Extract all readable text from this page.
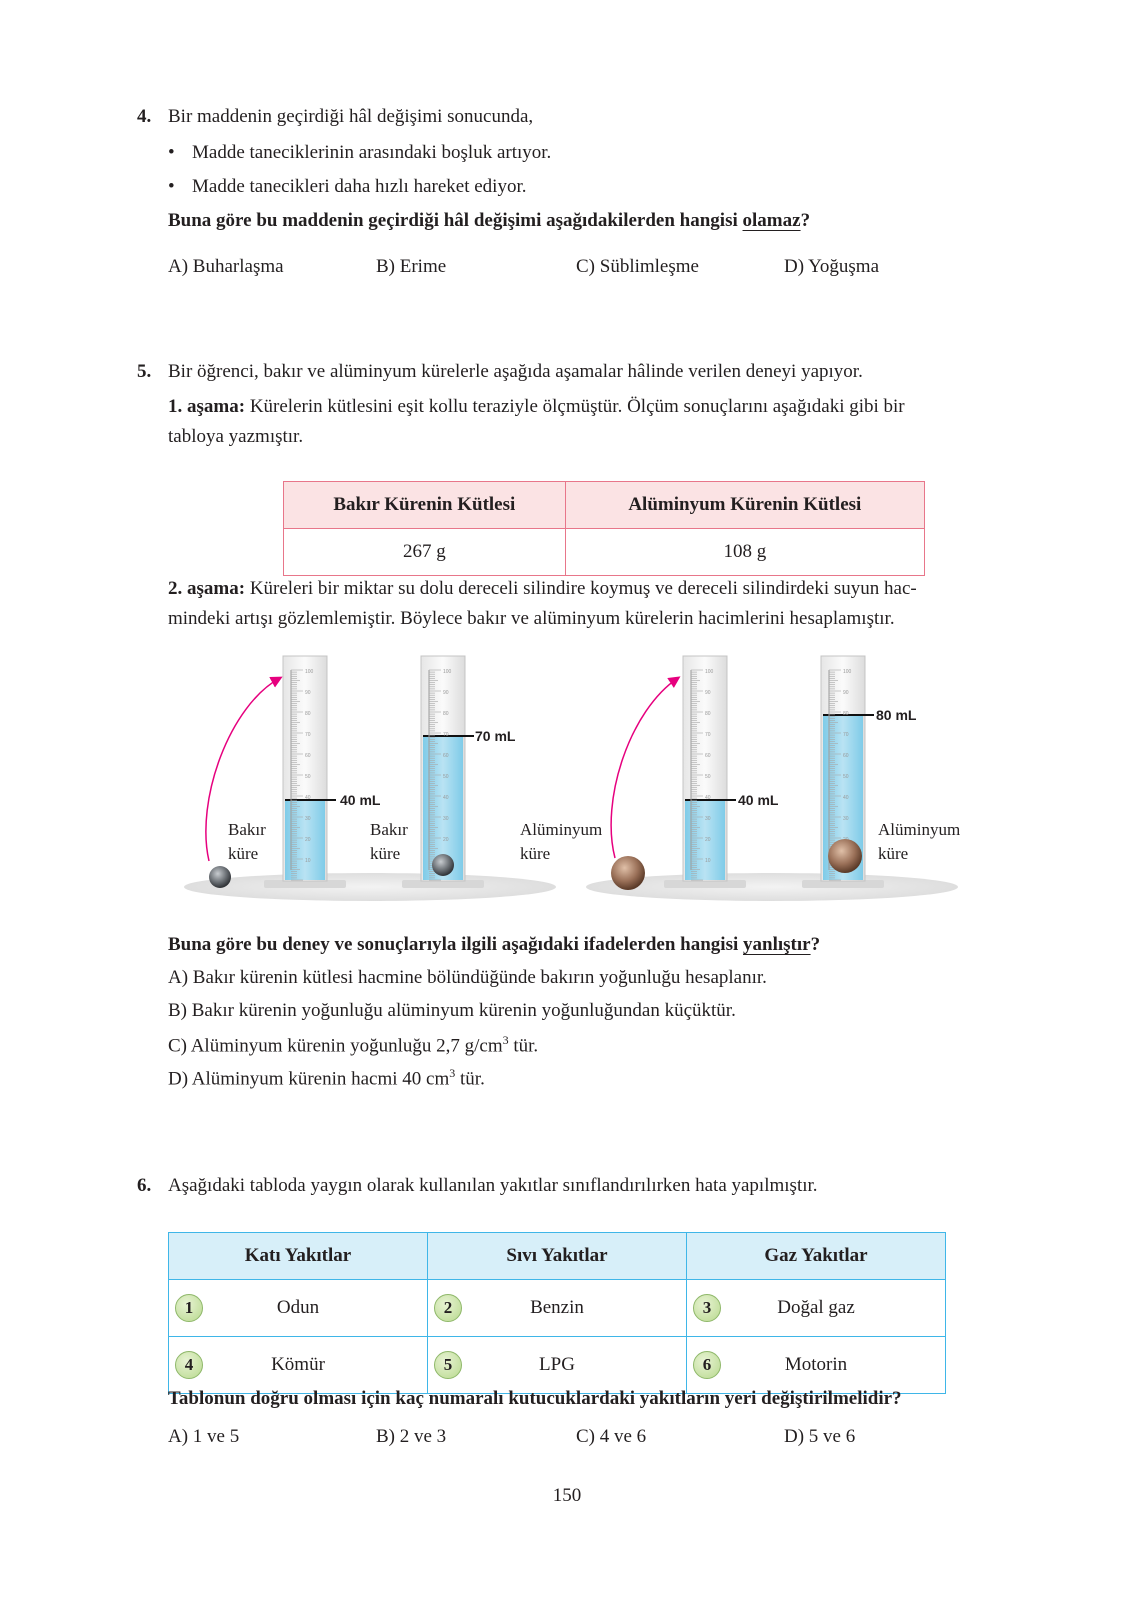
4. Bir maddenin geçirdiği hâl değişimi sonucunda,
• Madde taneciklerinin arasındaki boşluk artıyor.
• Madde tanecikleri daha hızlı hareket ediyor.
Buna göre bu maddenin geçirdiği hâl değişimi aşağıdakilerden hangisi olamaz?
A) Buharlaşma	B) Erime	C) Süblimleşme	D) Yoğuşma
5. Bir öğrenci, bakır ve alüminyum kürelerle aşağıda aşamalar hâlinde verilen deneyi yapıyor.
1. aşama: Kürelerin kütlesini eşit kollu teraziyle ölçmüştür. Ölçüm sonuçlarını aşağıdaki gibi bir
tabloya yazmıştır.
Bakır Kürenin Kütlesi	Alüminyum Kürenin Kütlesi
267 g	108 g
2. aşama: Küreleri bir miktar su dolu dereceli silindire koymuş ve dereceli silindirdeki suyun hac-
mindeki artışı gözlemlemiştir. Böylece bakır ve alüminyum kürelerin hacimlerini hesaplamıştır.
40 mL
70 mL
40 mL
80 mL
100
90
80
70
60
50
40
30
20
10
100
90
80
70
60
50
40
30
20
100
90
80
70
60
50
40
30
20
10
100
90
80
70
60
50
40
30
Bakır
küre
Bakır
küre
Alüminyum
küre
Alüminyum
küre
Buna göre bu deney ve sonuçlarıyla ilgili aşağıdaki ifadelerden hangisi yanlıştır?
A) Bakır kürenin kütlesi hacmine bölündüğünde bakırın yoğunluğu hesaplanır.
B) Bakır kürenin yoğunluğu alüminyum kürenin yoğunluğundan küçüktür.
C) Alüminyum kürenin yoğunluğu 2,7 $g/cm^3$ tür.
D) Alüminyum kürenin hacmi 40 $cm^3$ tür.
6. Aşağıdaki tabloda yaygın olarak kullanılan yakıtlar sınıflandırılırken hata yapılmıştır.
Katı Yakıtlar	Sıvı Yakıtlar	Gaz Yakıtlar

1 Odun	2 Benzin	3 Doğal gaz

4 Kömür	5 LPG	6 Motorin
Tablonun doğru olması için kaç numaralı kutucuklardaki yakıtların yeri değiştirilmelidir?
A) 1 ve 5	B) 2 ve 3	C) 4 ve 6	D) 5 ve 6
150
